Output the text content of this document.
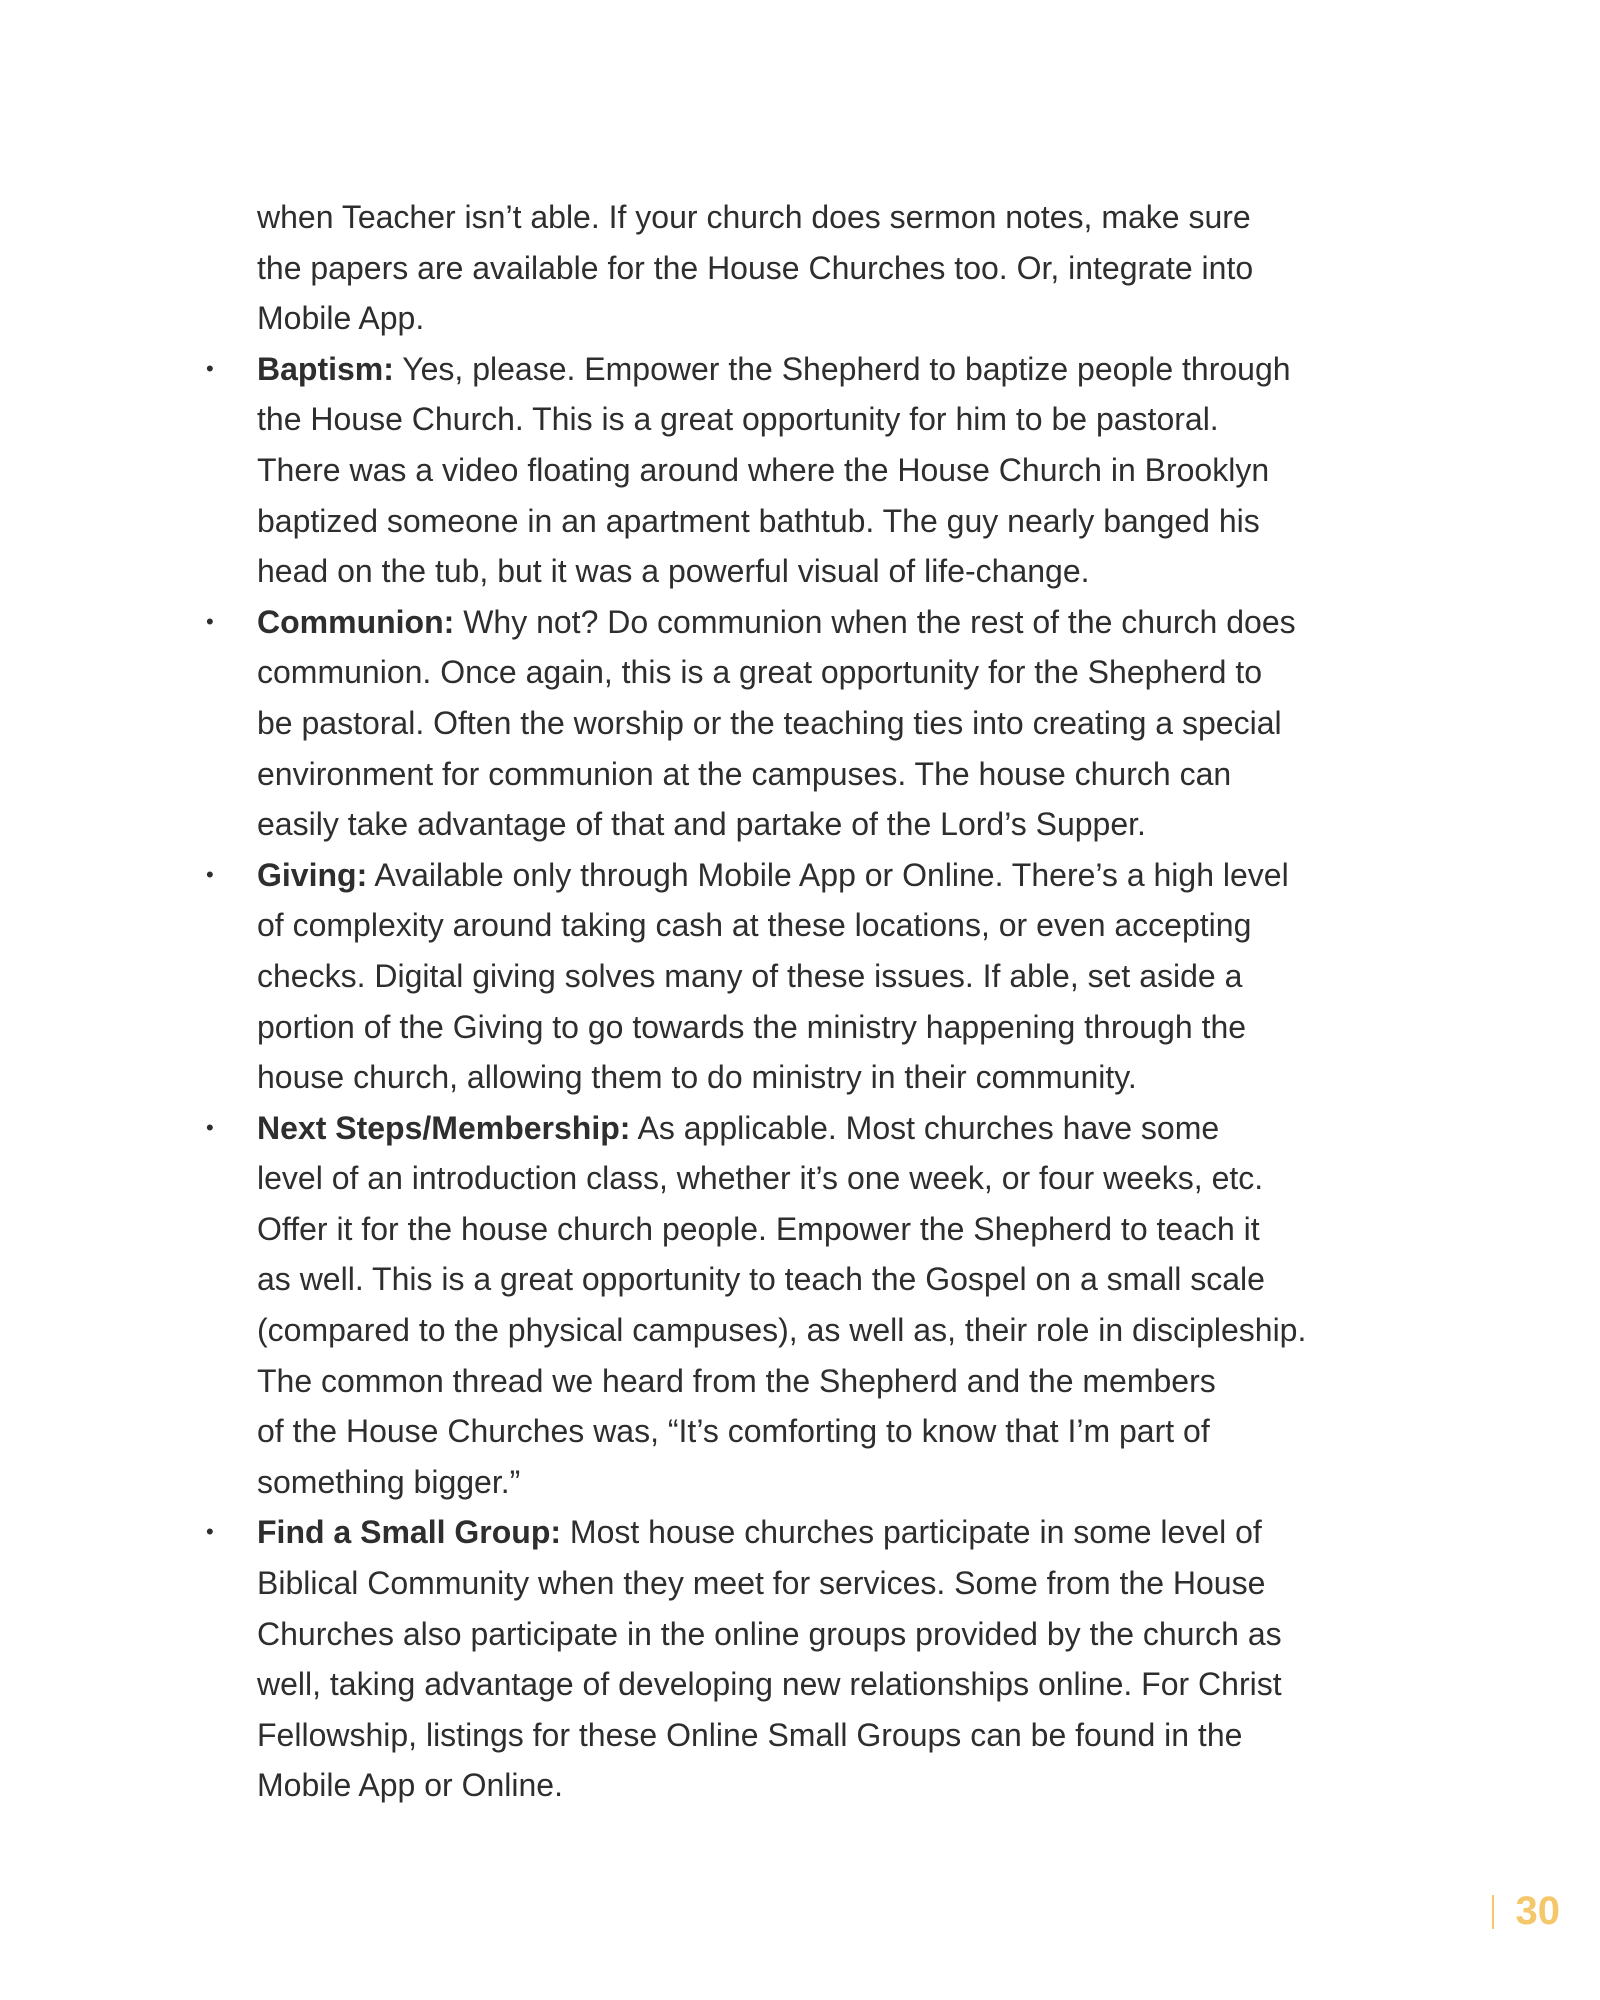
when Teacher isn’t able. If your church does sermon notes, make sure
the papers are available for the House Churches too. Or, integrate into
Mobile App.

• Baptism: Yes, please. Empower the Shepherd to baptize people through
the House Church. This is a great opportunity for him to be pastoral.
There was a video floating around where the House Church in Brooklyn
baptized someone in an apartment bathtub. The guy nearly banged his
head on the tub, but it was a powerful visual of life-change.
• Communion: Why not? Do communion when the rest of the church does
communion. Once again, this is a great opportunity for the Shepherd to
be pastoral. Often the worship or the teaching ties into creating a special
environment for communion at the campuses. The house church can
easily take advantage of that and partake of the Lord’s Supper.
• Giving: Available only through Mobile App or Online. There’s a high level
of complexity around taking cash at these locations, or even accepting
checks. Digital giving solves many of these issues. If able, set aside a
portion of the Giving to go towards the ministry happening through the
house church, allowing them to do ministry in their community.
• Next Steps/Membership: As applicable. Most churches have some
level of an introduction class, whether it’s one week, or four weeks, etc.
Offer it for the house church people. Empower the Shepherd to teach it
as well. This is a great opportunity to teach the Gospel on a small scale
(compared to the physical campuses), as well as, their role in discipleship.
The common thread we heard from the Shepherd and the members
of the House Churches was, “It’s comforting to know that I’m part of
something bigger.”
• Find a Small Group: Most house churches participate in some level of
Biblical Community when they meet for services. Some from the House
Churches also participate in the online groups provided by the church as
well, taking advantage of developing new relationships online. For Christ
Fellowship, listings for these Online Small Groups can be found in the
Mobile App or Online.
30
